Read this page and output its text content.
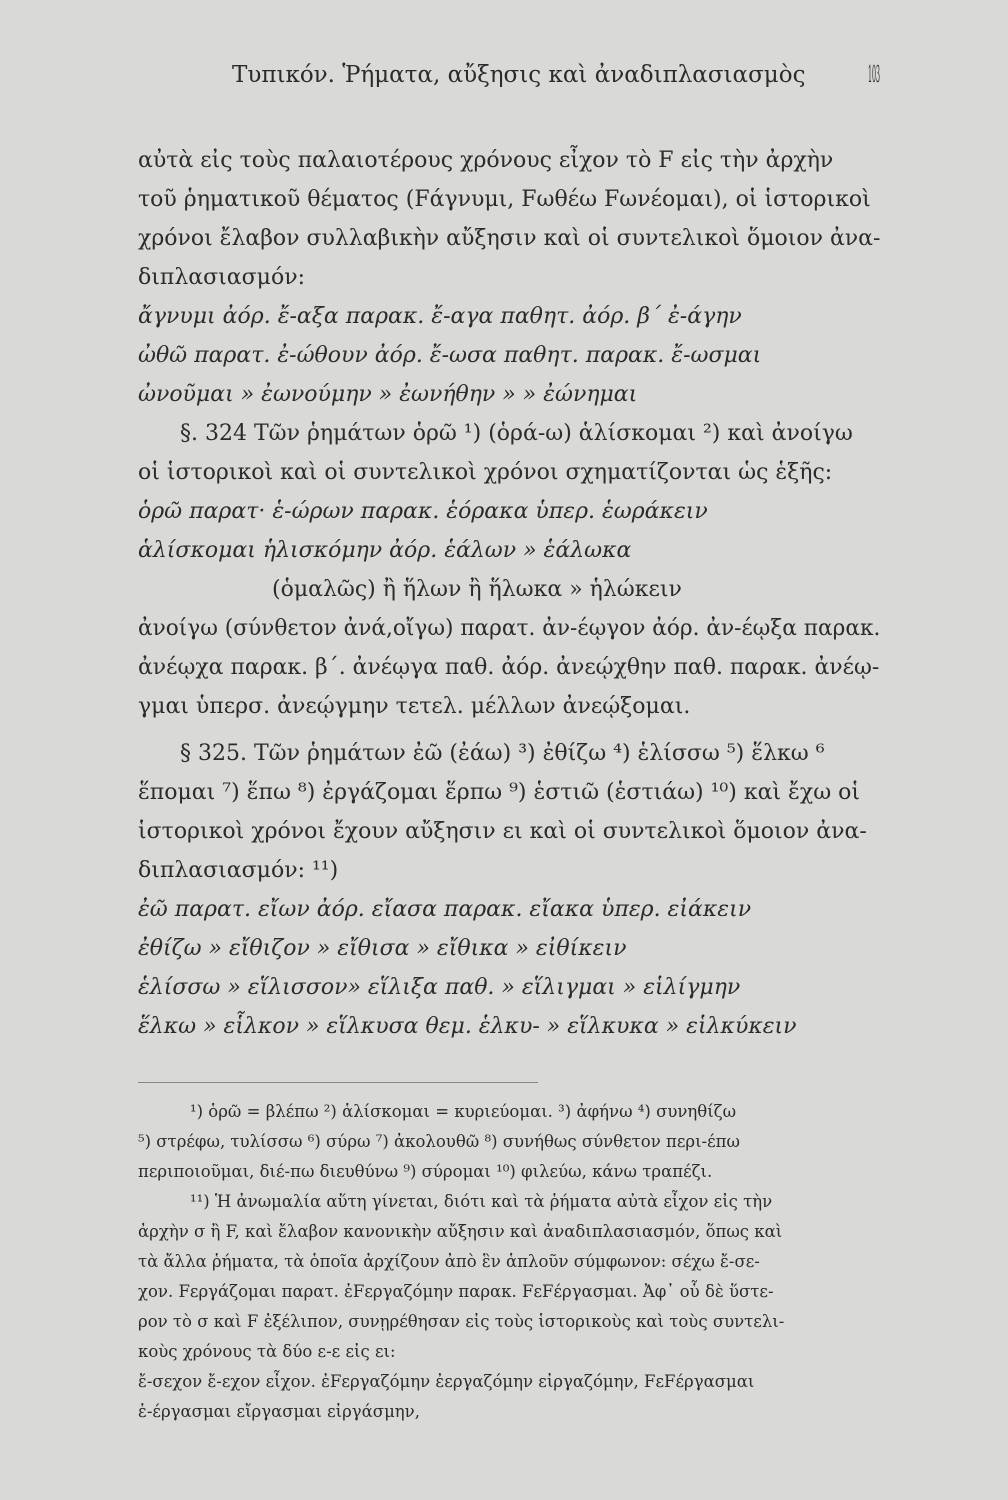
Τυπικόν. Ῥήματα, αὔξησις καὶ ἀναδιπλασιασμὸς	103
αὐτὰ εἰς τοὺς παλαιοτέρους χρόνους εἶχον τὸ F εἰς τὴν ἀρχὴν
τοῦ ῥηματικοῦ θέματος (Fάγνυμι, Fωθέω Fωνέομαι), οἱ ἱστορικοὶ
χρόνοι ἔλαβον συλλαβικὴν αὔξησιν καὶ οἱ συντελικοὶ ὅμοιον ἀνα-
διπλασιασμόν:
ἄγνυμι ἀόρ. ἔ-αξα παρακ. ἔ-αγα παθητ. ἀόρ. β΄ ἐ-άγην
ὠθῶ παρατ. ἐ-ώθουν ἀόρ. ἔ-ωσα παθητ. παρακ. ἔ-ωσμαι
ὠνοῦμαι » ἐωνούμην » ἐωνήθην » » ἐώνημαι
§. 324 Τῶν ῥημάτων ὁρῶ ¹) (ὁρά-ω) ἁλίσκομαι ²) καὶ ἀνοίγω
οἱ ἱστορικοὶ καὶ οἱ συντελικοὶ χρόνοι σχηματίζονται ὡς ἑξῆς:
ὁρῶ παρατ· ἑ-ώρων παρακ. ἑόρακα ὑπερ. ἑωράκειν
ἁλίσκομαι ἡλισκόμην ἀόρ. ἑάλων » ἑάλωκα
(ὁμαλῶς) ἢ ἥλων ἢ ἥλωκα » ἡλώκειν
ἀνοίγω (σύνθετον ἀνά,οἴγω) παρατ. ἀν-έῳγον ἀόρ. ἀν-έῳξα παρακ.
ἀνέῳχα παρακ. β΄. ἀνέῳγα παθ. ἀόρ. ἀνεῴχθην παθ. παρακ. ἀνέῳ-
γμαι ὑπερσ. ἀνεῴγμην τετελ. μέλλων ἀνεῴξομαι.
§ 325. Τῶν ῥημάτων ἐῶ (ἐάω) ³) ἐθίζω ⁴) ἑλίσσω ⁵) ἕλκω ⁶
ἕπομαι ⁷) ἕπω ⁸) ἐργάζομαι ἕρπω ⁹) ἑστιῶ (ἑστιάω) ¹⁰) καὶ ἔχω οἱ
ἱστορικοὶ χρόνοι ἔχουν αὔξησιν ει καὶ οἱ συντελικοὶ ὅμοιον ἀνα-
διπλασιασμόν: ¹¹)
ἐῶ παρατ. εἴων ἀόρ. εἴασα παρακ. εἴακα ὑπερ. εἰάκειν
ἐθίζω » εἴθιζον » εἴθισα » εἴθικα » εἰθίκειν
ἑλίσσω » εἵλισσον» εἵλιξα παθ. » εἵλιγμαι » εἱλίγμην
ἕλκω » εἷλκον » εἵλκυσα θεμ. ἑλκυ- » εἵλκυκα » εἱλκύκειν
¹) ὁρῶ = βλέπω ²) ἁλίσκομαι = κυριεύομαι. ³) ἀφήνω ⁴) συνηθίζω
⁵) στρέφω, τυλίσσω ⁶) σύρω ⁷) ἀκολουθῶ ⁸) συνήθως σύνθετον περι-έπω
περιποιοῦμαι, διέ-πω διευθύνω ⁹) σύρομαι ¹⁰) φιλεύω, κάνω τραπέζι.
¹¹) Ἡ ἀνωμαλία αὕτη γίνεται, διότι καὶ τὰ ῥήματα αὐτὰ εἶχον εἰς τὴν
ἀρχὴν σ ἢ F, καὶ ἔλαβον κανονικὴν αὔξησιν καὶ ἀναδιπλασιασμόν, ὅπως καὶ
τὰ ἄλλα ῥήματα, τὰ ὁποῖα ἀρχίζουν ἀπὸ ἓν ἁπλοῦν σύμφωνον: σέχω ἔ-σε-
χον. Fεργάζομαι παρατ. ἐFεργαζόμην παρακ. FεFέργασμαι. Ἀφ᾽ οὗ δὲ ὕστε-
ρον τὸ σ καὶ F ἐξέλιπον, συνῃρέθησαν εἰς τοὺς ἱστορικοὺς καὶ τοὺς συντελι-
κοὺς χρόνους τὰ δύο ε-ε εἰς ει:
ἔ-σεχον ἔ-εχον εἶχον. ἐFεργαζόμην ἐεργαζόμην εἰργαζόμην, FεFέργασμαι
ἑ-έργασμαι εἴργασμαι εἰργάσμην,
